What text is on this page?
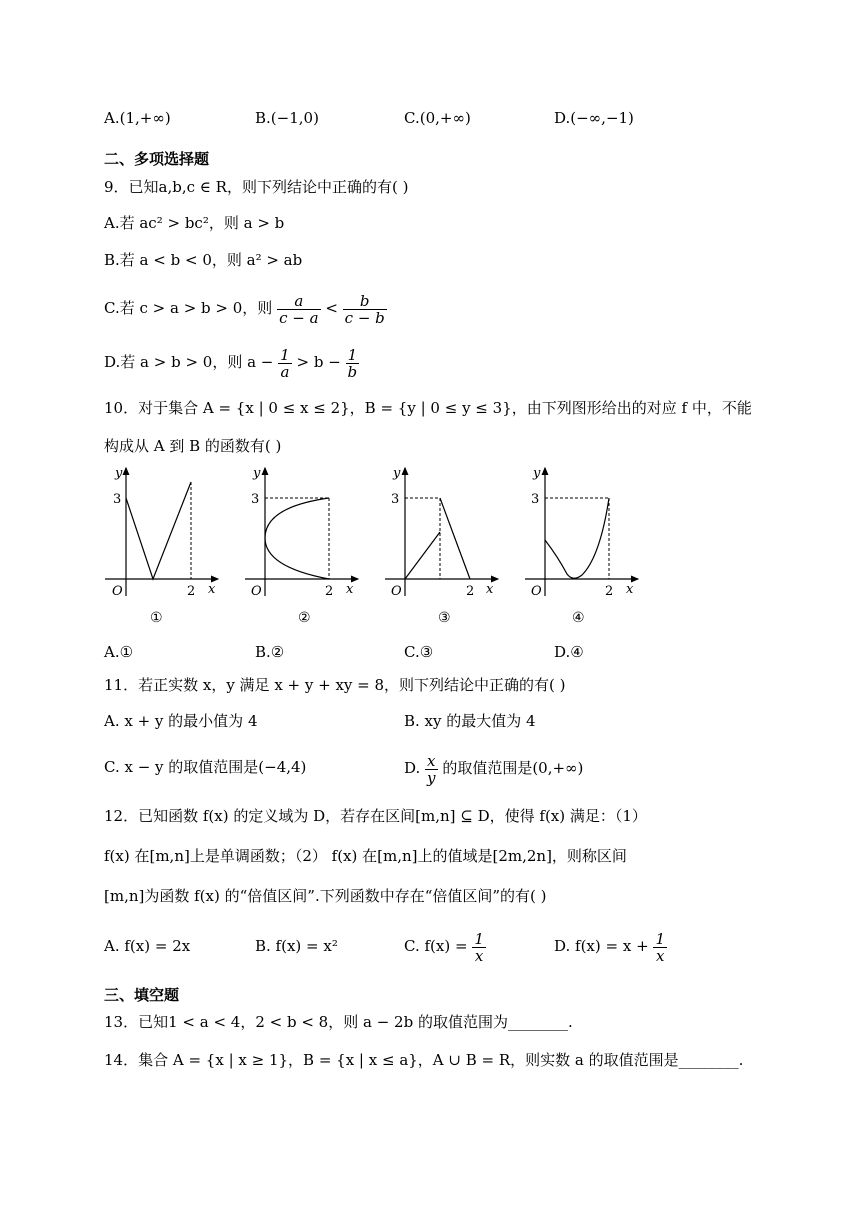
A.(1,+∞)	B.(−1,0)	C.(0,+∞)	D.(−∞,−1)
二、多项选择题
9．已知a,b,c ∈ R，则下列结论中正确的有( )
A.若 ac² > bc²，则 a > b
B.若 a < b < 0，则 a² > ab
C.若 c > a > b > 0，则 $\frac{a}{c - a} < \frac{b}{c - b}$
D.若 a > b > 0，则 $a - \frac{1}{a} > b - \frac{1}{b}$
10．对于集合 A = {x | 0 ≤ x ≤ 2}，B = {y | 0 ≤ y ≤ 3}，由下列图形给出的对应 f 中，不能
构成从 A 到 B 的函数有( )
y
3
O	2 x
①
y
3
O	2 x
②
y
3
O	2 x
③
y
3
O	2 x
④
A.①	B.②	C.③	D.④
11．若正实数 x，y 满足 x + y + xy = 8，则下列结论中正确的有( )
A. x + y 的最小值为 4	B. xy 的最大值为 4
C. x − y 的取值范围是(−4,4)	D. $\frac{x}{y}$ 的取值范围是(0,+∞)
12．已知函数 f(x) 的定义域为 D，若存在区间[m,n] ⊆ D，使得 f(x) 满足：（1）
f(x) 在[m,n]上是单调函数；（2） f(x) 在[m,n]上的值域是[2m,2n]，则称区间
[m,n]为函数 f(x) 的“倍值区间”.下列函数中存在“倍值区间”的有( )
A. f(x) = 2x	B. f(x) = x²	C. $f(x) = \frac{1}{x}$	D. $f(x) = x + \frac{1}{x}$
三、填空题
13．已知1 < a < 4，2 < b < 8，则 a − 2b 的取值范围为________.
14．集合 A = {x | x ≥ 1}，B = {x | x ≤ a}，A ∪ B = R，则实数 a 的取值范围是________.
